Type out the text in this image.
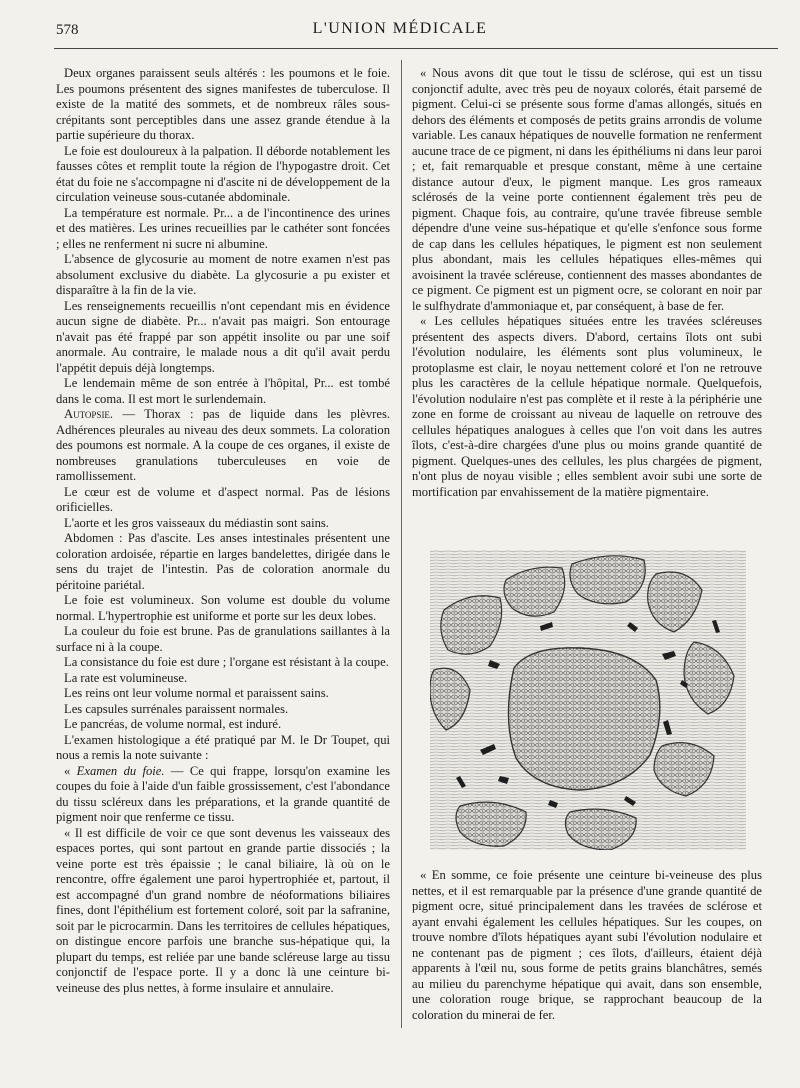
578	L'UNION MÉDICALE

Deux organes paraissent seuls altérés : les poumons et le foie. Les poumons présentent des signes manifestes de tuberculose. Il existe de la matité des sommets, et de nombreux râles sous-crépitants sont perceptibles dans une assez grande étendue à la partie supérieure du thorax.

Le foie est douloureux à la palpation. Il déborde notablement les fausses côtes et remplit toute la région de l'hypogastre droit. Cet état du foie ne s'accompagne ni d'ascite ni de développement de la circulation veineuse sous-cutanée abdominale.

La température est normale. Pr... a de l'incontinence des urines et des matières. Les urines recueillies par le cathéter sont foncées ; elles ne renferment ni sucre ni albumine.

L'absence de glycosurie au moment de notre examen n'est pas absolument exclusive du diabète. La glycosurie a pu exister et disparaître à la fin de la vie.

Les renseignements recueillis n'ont cependant mis en évidence aucun signe de diabète. Pr... n'avait pas maigri. Son entourage n'avait pas été frappé par son appétit insolite ou par une soif anormale. Au contraire, le malade nous a dit qu'il avait perdu l'appétit depuis déjà longtemps.

Le lendemain même de son entrée à l'hôpital, Pr... est tombé dans le coma. Il est mort le surlendemain.

Autopsie. — Thorax : pas de liquide dans les plèvres. Adhérences pleurales au niveau des deux sommets. La coloration des poumons est normale. A la coupe de ces organes, il existe de nombreuses granulations tuberculeuses en voie de ramollissement.

Le cœur est de volume et d'aspect normal. Pas de lésions orificielles.

L'aorte et les gros vaisseaux du médiastin sont sains.

Abdomen : Pas d'ascite. Les anses intestinales présentent une coloration ardoisée, répartie en larges bandelettes, dirigée dans le sens du trajet de l'intestin. Pas de coloration anormale du péritoine pariétal.

Le foie est volumineux. Son volume est double du volume normal. L'hypertrophie est uniforme et porte sur les deux lobes.

La couleur du foie est brune. Pas de granulations saillantes à la surface ni à la coupe.

La consistance du foie est dure ; l'organe est résistant à la coupe.

La rate est volumineuse.

Les reins ont leur volume normal et paraissent sains.

Les capsules surrénales paraissent normales.

Le pancréas, de volume normal, est induré.

L'examen histologique a été pratiqué par M. le Dr Toupet, qui nous a remis la note suivante :

« Examen du foie. — Ce qui frappe, lorsqu'on examine les coupes du foie à l'aide d'un faible grossissement, c'est l'abondance du tissu scléreux dans les préparations, et la grande quantité de pigment noir que renferme ce tissu.

« Il est difficile de voir ce que sont devenus les vaisseaux des espaces portes, qui sont partout en grande partie dissociés ; la veine porte est très épaissie ; le canal biliaire, là où on le rencontre, offre également une paroi hypertrophiée et, partout, il est accompagné d'un grand nombre de néoformations biliaires fines, dont l'épithélium est fortement coloré, soit par la safranine, soit par le picrocarmin. Dans les territoires de cellules hépatiques, on distingue encore parfois une branche sus-hépatique qui, la plupart du temps, est reliée par une bande scléreuse large au tissu conjonctif de l'espace porte. Il y a donc là une ceinture bi-veineuse des plus nettes, à forme insulaire et annulaire.

« Nous avons dit que tout le tissu de sclérose, qui est un tissu conjonctif adulte, avec très peu de noyaux colorés, était parsemé de pigment. Celui-ci se présente sous forme d'amas allongés, situés en dehors des éléments et composés de petits grains arrondis de volume variable. Les canaux hépatiques de nouvelle formation ne renferment aucune trace de ce pigment, ni dans les épithéliums ni dans leur paroi ; et, fait remarquable et presque constant, même à une certaine distance autour d'eux, le pigment manque. Les gros rameaux sclérosés de la veine porte contiennent également très peu de pigment. Chaque fois, au contraire, qu'une travée fibreuse semble dépendre d'une veine sus-hépatique et qu'elle s'enfonce sous forme de cap dans les cellules hépatiques, le pigment est non seulement plus abondant, mais les cellules hépatiques elles-mêmes qui avoisinent la travée scléreuse, contiennent des masses abondantes de ce pigment. Ce pigment est un pigment ocre, se colorant en noir par le sulfhydrate d'ammoniaque et, par conséquent, à base de fer.

« Les cellules hépatiques situées entre les travées scléreuses présentent des aspects divers. D'abord, certains îlots ont subi l'évolution nodulaire, les éléments sont plus volumineux, le protoplasme est clair, le noyau nettement coloré et l'on ne retrouve plus les caractères de la cellule hépatique normale. Quelquefois, l'évolution nodulaire n'est pas complète et il reste à la périphérie une zone en forme de croissant au niveau de laquelle on retrouve des cellules hépatiques analogues à celles que l'on voit dans les autres îlots, c'est-à-dire chargées d'une plus ou moins grande quantité de pigment. Quelques-unes des cellules, les plus chargées de pigment, n'ont plus de noyau visible ; elles semblent avoir subi une sorte de mortification par envahissement de la matière pigmentaire.

« En somme, ce foie présente une ceinture bi-veineuse des plus nettes, et il est remarquable par la présence d'une grande quantité de pigment ocre, situé principalement dans les travées de sclérose et ayant envahi également les cellules hépatiques. Sur les coupes, on trouve nombre d'îlots hépatiques ayant subi l'évolution nodulaire et ne contenant pas de pigment ; ces îlots, d'ailleurs, étaient déjà apparents à l'œil nu, sous forme de petits grains blanchâtres, semés au milieu du parenchyme hépatique qui avait, dans son ensemble, une coloration rouge brique, se rapprochant beaucoup de la coloration du minerai de fer.
